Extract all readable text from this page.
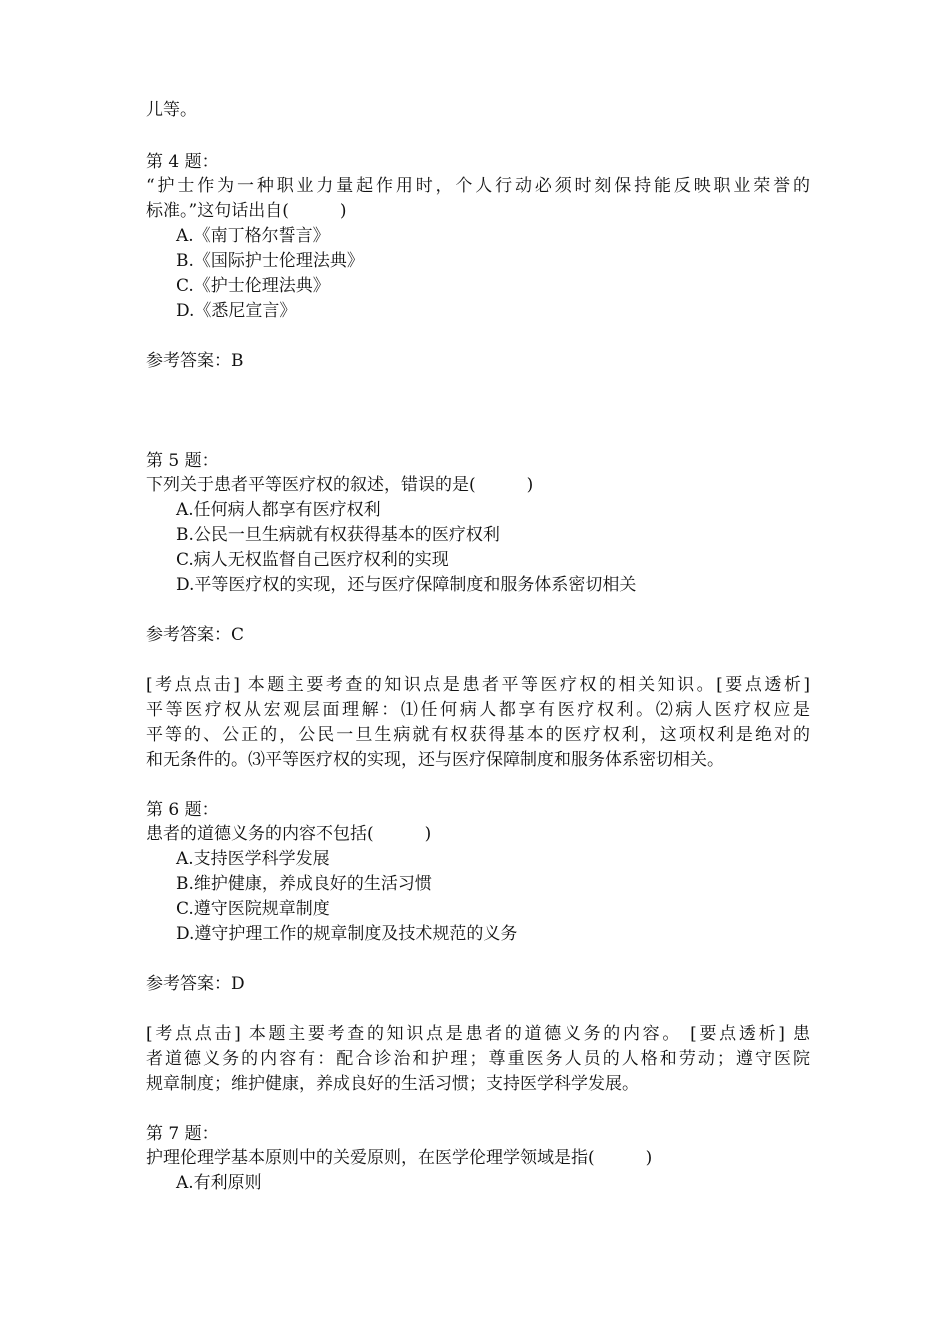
儿等。
第 4 题：
“护士作为一种职业力量起作用时，个人行动必须时刻保持能反映职业荣誉的
标准。”这句话出自(　　　)
A.《南丁格尔誓言》
B.《国际护士伦理法典》
C.《护士伦理法典》
D.《悉尼宣言》
参考答案：B
第 5 题：
下列关于患者平等医疗权的叙述，错误的是(　　　)
A.任何病人都享有医疗权利
B.公民一旦生病就有权获得基本的医疗权利
C.病人无权监督自己医疗权利的实现
D.平等医疗权的实现，还与医疗保障制度和服务体系密切相关
参考答案：C
[考点点击] 本题主要考查的知识点是患者平等医疗权的相关知识。[要点透析]
平等医疗权从宏观层面理解：⑴任何病人都享有医疗权利。⑵病人医疗权应是
平等的、公正的，公民一旦生病就有权获得基本的医疗权利，这项权利是绝对的
和无条件的。⑶平等医疗权的实现，还与医疗保障制度和服务体系密切相关。
第 6 题：
患者的道德义务的内容不包括(　　　)
A.支持医学科学发展
B.维护健康，养成良好的生活习惯
C.遵守医院规章制度
D.遵守护理工作的规章制度及技术规范的义务
参考答案：D
[考点点击] 本题主要考查的知识点是患者的道德义务的内容。 [要点透析] 患
者道德义务的内容有：配合诊治和护理；尊重医务人员的人格和劳动；遵守医院
规章制度；维护健康，养成良好的生活习惯；支持医学科学发展。
第 7 题：
护理伦理学基本原则中的关爱原则，在医学伦理学领域是指(　　　)
A.有利原则
